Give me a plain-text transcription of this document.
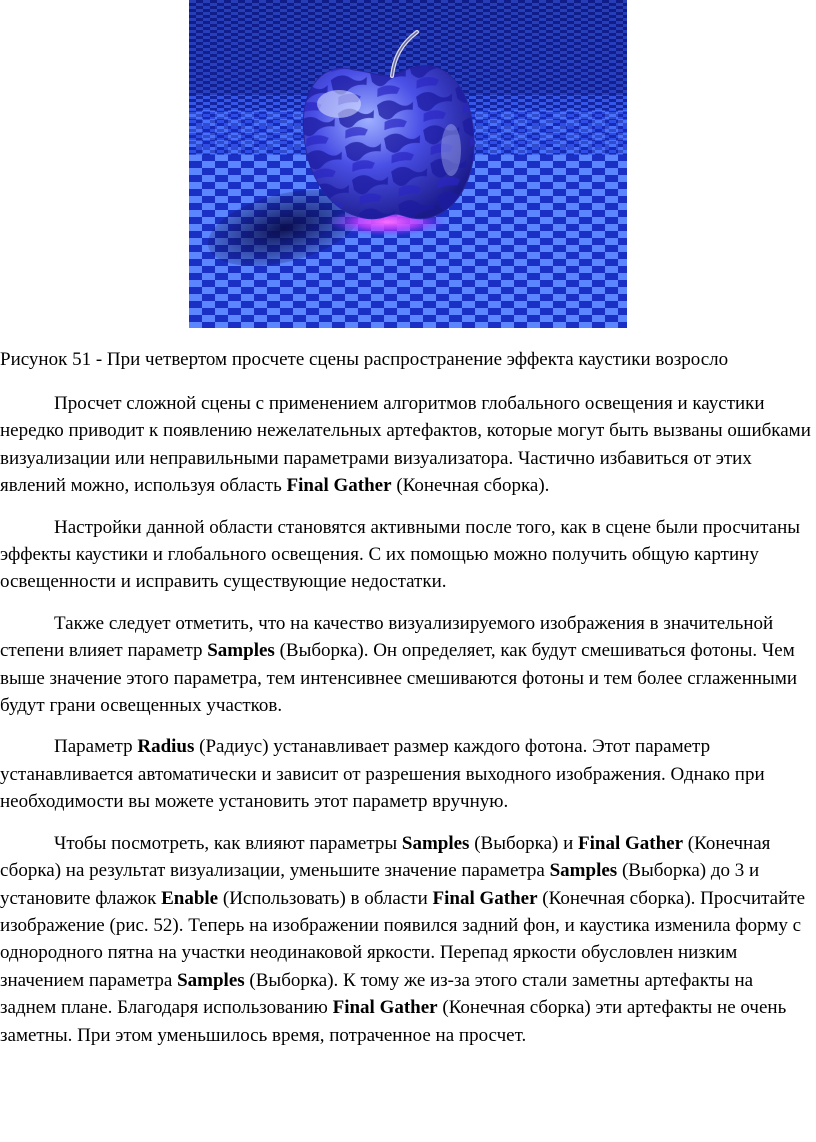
Рисунок 51 - При четвертом просчете сцены распространение эффекта каустики возросло

Просчет сложной сцены с применением алгоритмов глобального освещения и каустики нередко приводит к появлению нежелательных артефактов, которые могут быть вызваны ошибками визуализации или неправильными параметрами визуализатора. Частично избавиться от этих явлений можно, используя область Final Gather (Конечная сборка).

Настройки данной области становятся активными после того, как в сцене были просчитаны эффекты каустики и глобального освещения. С их помощью можно получить общую картину освещенности и исправить существующие недостатки.

Также следует отметить, что на качество визуализируемого изображения в значительной степени влияет параметр Samples (Выборка). Он определяет, как будут смешиваться фотоны. Чем выше значение этого параметра, тем интенсивнее смешиваются фотоны и тем более сглаженными будут грани освещенных участков.

Параметр Radius (Радиус) устанавливает размер каждого фотона. Этот параметр устанавливается автоматически и зависит от разрешения выходного изображения. Однако при необходимости вы можете установить этот параметр вручную.

Чтобы посмотреть, как влияют параметры Samples (Выборка) и Final Gather (Конечная сборка) на результат визуализации, уменьшите значение параметра Samples (Выборка) до 3 и установите флажок Enable (Использовать) в области Final Gather (Конечная сборка). Просчитайте изображение (рис. 52). Теперь на изображении появился задний фон, и каустика изменила форму с однородного пятна на участки неодинаковой яркости. Перепад яркости обусловлен низким значением параметра Samples (Выборка). К тому же из-за этого стали заметны артефакты на заднем плане. Благодаря использованию Final Gather (Конечная сборка) эти артефакты не очень заметны. При этом уменьшилось время, потраченное на просчет.
